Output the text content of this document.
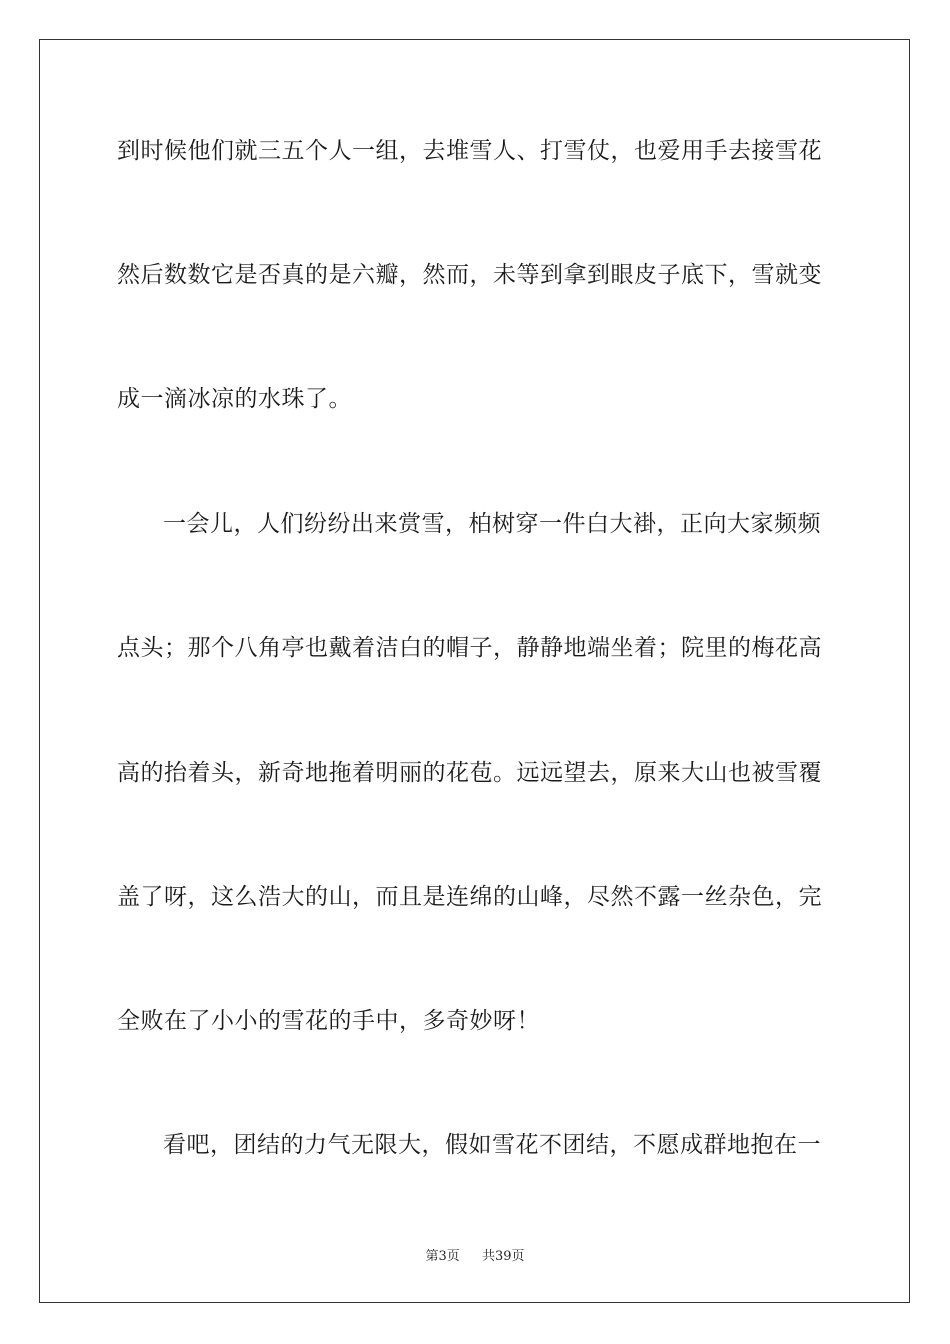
到时候他们就三五个人一组，去堆雪人、打雪仗，也爱用手去接雪花
然后数数它是否真的是六瓣，然而，未等到拿到眼皮子底下，雪就变
成一滴冰凉的水珠了。
一会儿，人们纷纷出来赏雪，柏树穿一件白大褂，正向大家频频
点头；那个八角亭也戴着洁白的帽子，静静地端坐着；院里的梅花高
高的抬着头，新奇地拖着明丽的花苞。远远望去，原来大山也被雪覆
盖了呀，这么浩大的山，而且是连绵的山峰，尽然不露一丝杂色，完
全败在了小小的雪花的手中，多奇妙呀！
看吧，团结的力气无限大，假如雪花不团结，不愿成群地抱在一
第3页 共39页
